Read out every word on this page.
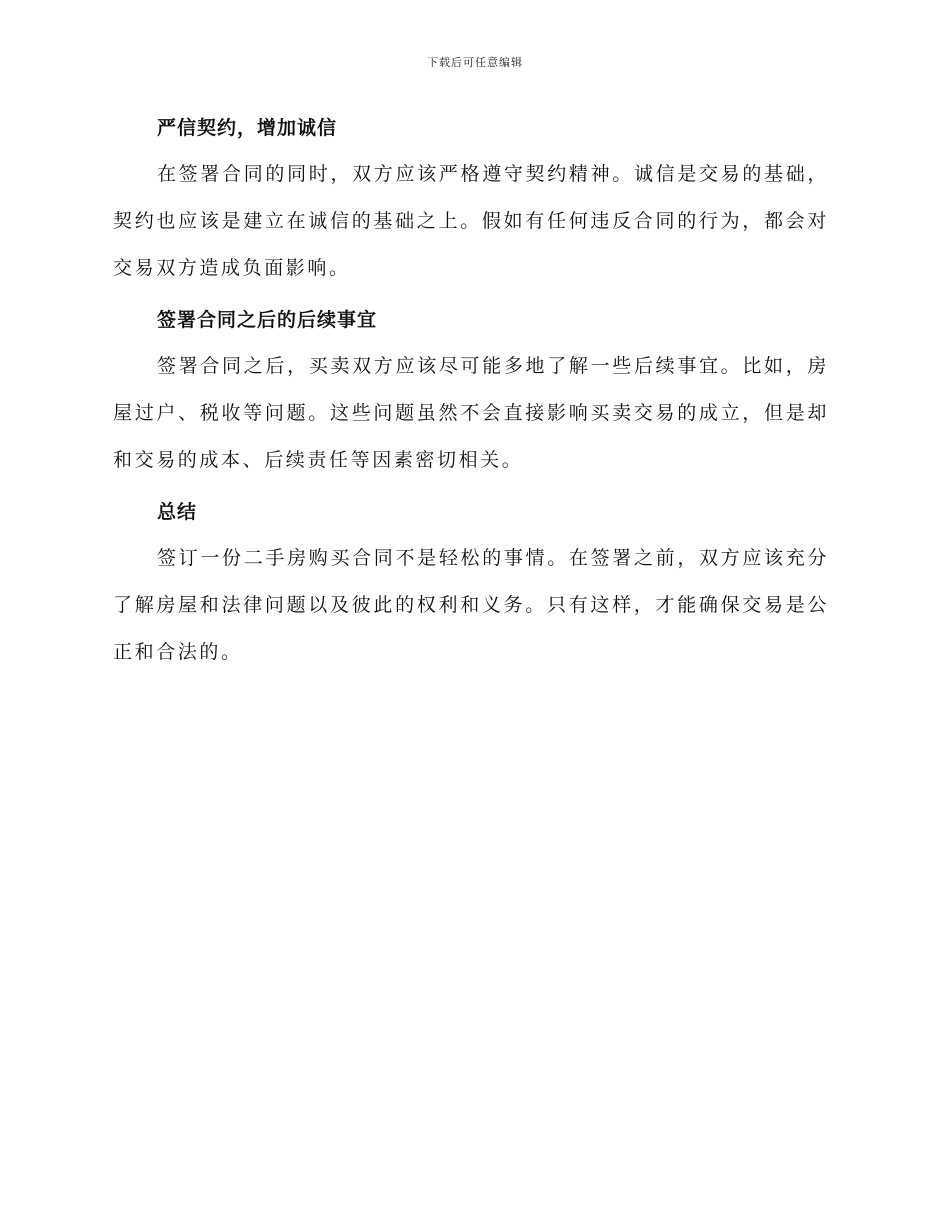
下载后可任意编辑
严信契约，增加诚信

在签署合同的同时，双方应该严格遵守契约精神。诚信是交易的基础，契约也应该是建立在诚信的基础之上。假如有任何违反合同的行为，都会对交易双方造成负面影响。

签署合同之后的后续事宜

签署合同之后，买卖双方应该尽可能多地了解一些后续事宜。比如，房屋过户、税收等问题。这些问题虽然不会直接影响买卖交易的成立，但是却和交易的成本、后续责任等因素密切相关。

总结

签订一份二手房购买合同不是轻松的事情。在签署之前，双方应该充分了解房屋和法律问题以及彼此的权利和义务。只有这样，才能确保交易是公正和合法的。
